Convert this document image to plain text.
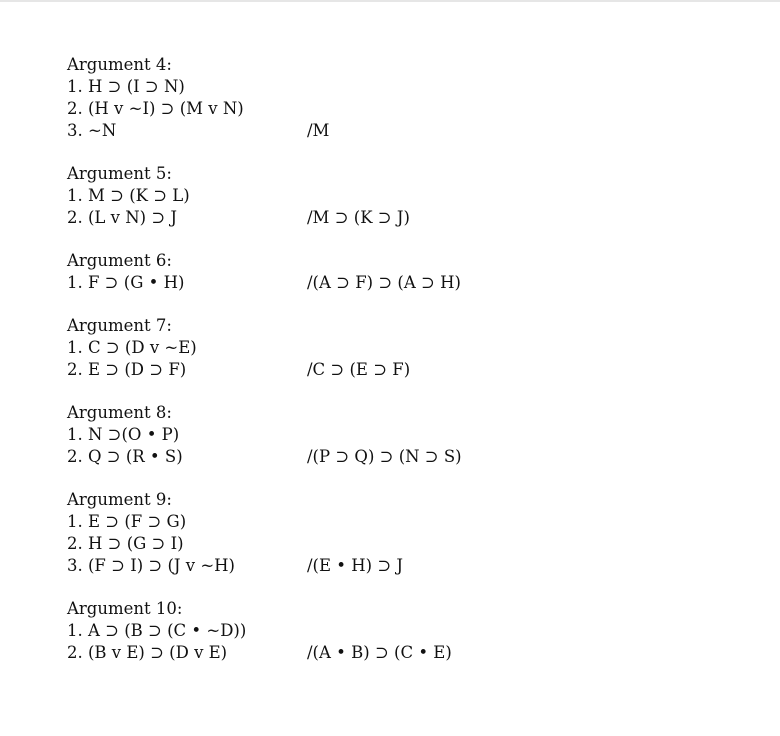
Argument 4:
1. H ⊃ (I ⊃ N)
2. (H v ~I) ⊃ (M v N)
3. ~N	/M
Argument 5:
1. M ⊃ (K ⊃ L)
2. (L v N) ⊃ J	/M ⊃ (K ⊃ J)
Argument 6:
1. F ⊃ (G • H)	/(A ⊃ F) ⊃ (A ⊃ H)
Argument 7:
1. C ⊃ (D v ~E)
2. E ⊃ (D ⊃ F)	/C ⊃ (E ⊃ F)
Argument 8:
1. N ⊃(O • P)
2. Q ⊃ (R • S)	/(P ⊃ Q) ⊃ (N ⊃ S)
Argument 9:
1. E ⊃ (F ⊃ G)
2. H ⊃ (G ⊃ I)
3. (F ⊃ I) ⊃ (J v ~H)	/(E • H) ⊃ J
Argument 10:
1. A ⊃ (B ⊃ (C • ~D))
2. (B v E) ⊃ (D v E)	/(A • B) ⊃ (C • E)
